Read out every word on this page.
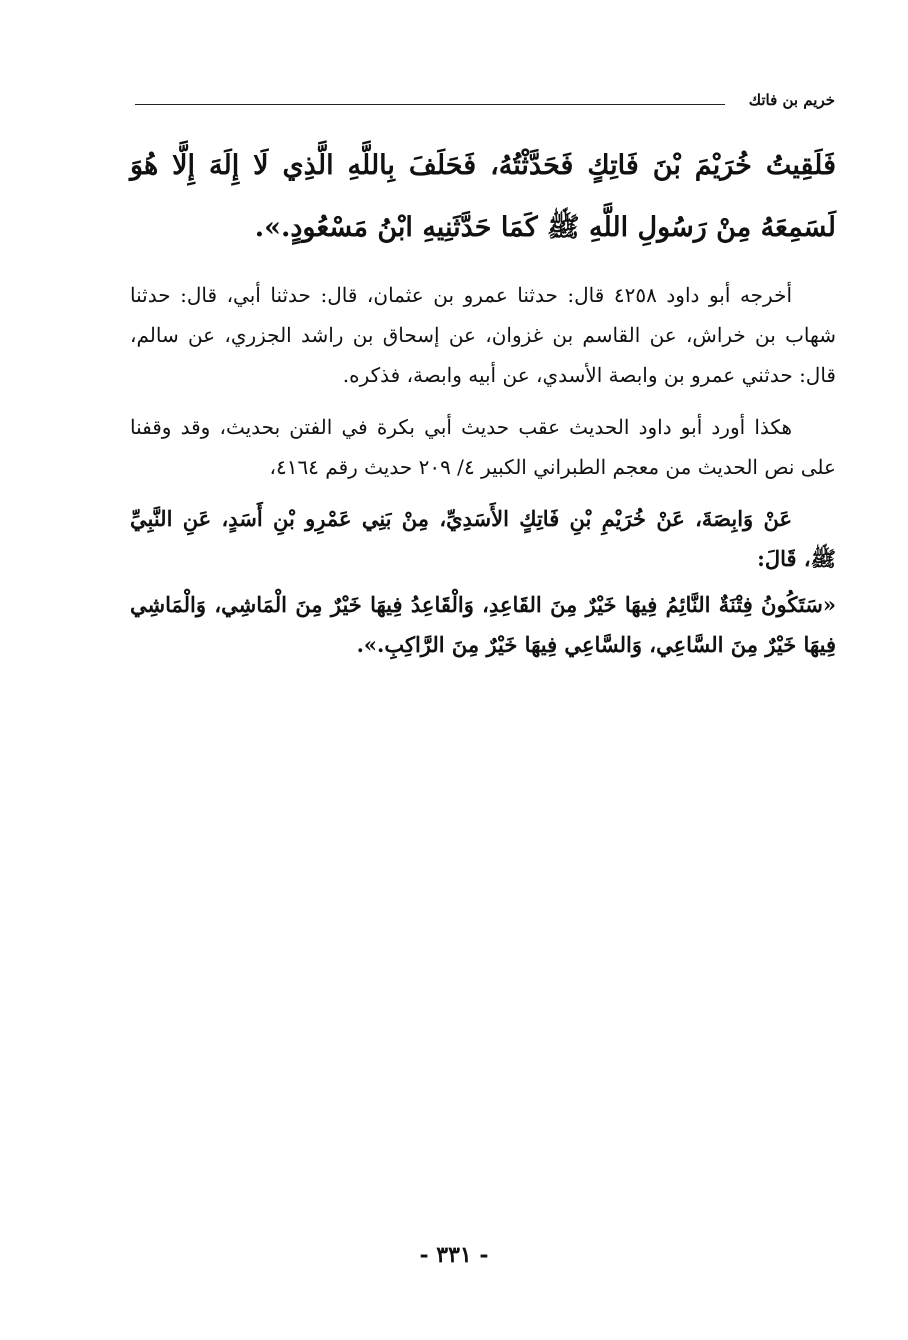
خريم بن فاتك

فَلَقِيتُ خُرَيْمَ بْنَ فَاتِكٍ فَحَدَّثْتُهُ، فَحَلَفَ بِاللَّهِ الَّذِي لَا إِلَهَ إِلَّا هُوَ لَسَمِعَهُ مِنْ رَسُولِ اللَّهِ ﷺ كَمَا حَدَّثَنِيهِ ابْنُ مَسْعُودٍ.».

أخرجه أبو داود ٤٢٥٨ قال: حدثنا عمرو بن عثمان، قال: حدثنا أبي، قال: حدثنا شهاب بن خراش، عن القاسم بن غزوان، عن إسحاق بن راشد الجزري، عن سالم، قال: حدثني عمرو بن وابصة الأسدي، عن أبيه وابصة، فذكره.

هكذا أورد أبو داود الحديث عقب حديث أبي بكرة في الفتن بحديث، وقد وقفنا على نص الحديث من معجم الطبراني الكبير ٤/ ٢٠٩ حديث رقم ٤١٦٤،

عَنْ وَابِصَةَ، عَنْ خُرَيْمِ بْنِ فَاتِكٍ الأَسَدِيِّ، مِنْ بَنِي عَمْرِو بْنِ أَسَدٍ، عَنِ النَّبِيِّ ﷺ، قَالَ:

«سَتَكُونُ فِتْنَةٌ النَّائِمُ فِيهَا خَيْرٌ مِنَ القَاعِدِ، وَالْقَاعِدُ فِيهَا خَيْرٌ مِنَ الْمَاشِي، وَالْمَاشِي فِيهَا خَيْرٌ مِنَ السَّاعِي، وَالسَّاعِي فِيهَا خَيْرٌ مِنَ الرَّاكِبِ.».

- ٣٣١ -
